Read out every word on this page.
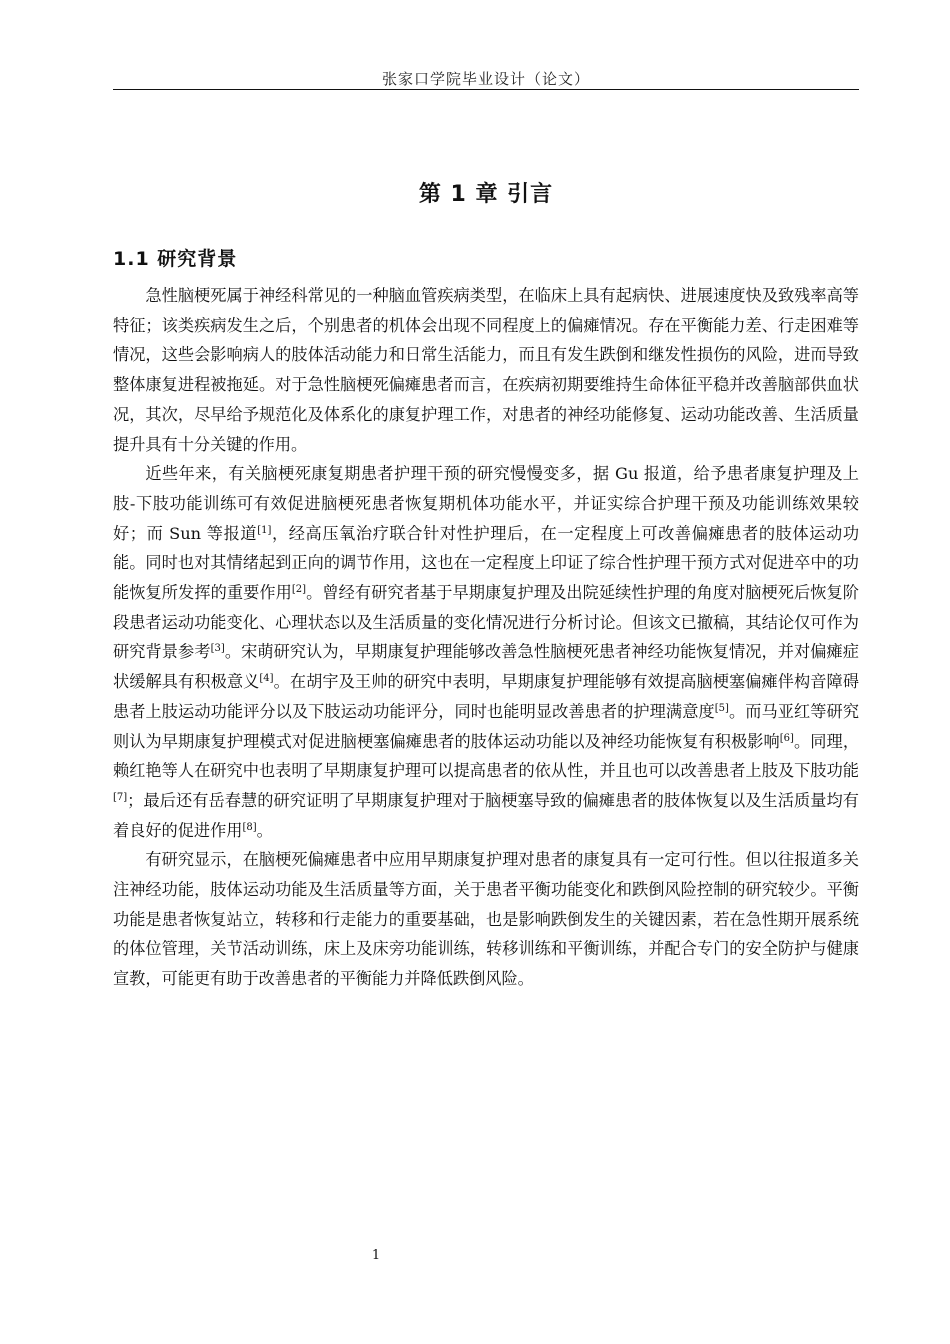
张家口学院毕业设计（论文）
第 1 章 引言
1.1 研究背景

急性脑梗死属于神经科常见的一种脑血管疾病类型，在临床上具有起病快、进展速度快及致残率高等特征；该类疾病发生之后，个别患者的机体会出现不同程度上的偏瘫情况。存在平衡能力差、行走困难等情况，这些会影响病人的肢体活动能力和日常生活能力，而且有发生跌倒和继发性损伤的风险，进而导致整体康复进程被拖延。对于急性脑梗死偏瘫患者而言，在疾病初期要维持生命体征平稳并改善脑部供血状况，其次，尽早给予规范化及体系化的康复护理工作，对患者的神经功能修复、运动功能改善、生活质量提升具有十分关键的作用。

近些年来，有关脑梗死康复期患者护理干预的研究慢慢变多，据 Gu 报道，给予患者康复护理及上肢-下肢功能训练可有效促进脑梗死患者恢复期机体功能水平，并证实综合护理干预及功能训练效果较好；而 Sun 等报道[1]，经高压氧治疗联合针对性护理后，在一定程度上可改善偏瘫患者的肢体运动功能。同时也对其情绪起到正向的调节作用，这也在一定程度上印证了综合性护理干预方式对促进卒中的功能恢复所发挥的重要作用[2]。曾经有研究者基于早期康复护理及出院延续性护理的角度对脑梗死后恢复阶段患者运动功能变化、心理状态以及生活质量的变化情况进行分析讨论。但该文已撤稿，其结论仅可作为研究背景参考[3]。宋萌研究认为，早期康复护理能够改善急性脑梗死患者神经功能恢复情况，并对偏瘫症状缓解具有积极意义[4]。在胡宇及王帅的研究中表明，早期康复护理能够有效提高脑梗塞偏瘫伴构音障碍患者上肢运动功能评分以及下肢运动功能评分，同时也能明显改善患者的护理满意度[5]。而马亚红等研究则认为早期康复护理模式对促进脑梗塞偏瘫患者的肢体运动功能以及神经功能恢复有积极影响[6]。同理，赖红艳等人在研究中也表明了早期康复护理可以提高患者的依从性，并且也可以改善患者上肢及下肢功能[7]；最后还有岳春慧的研究证明了早期康复护理对于脑梗塞导致的偏瘫患者的肢体恢复以及生活质量均有着良好的促进作用[8]。

有研究显示，在脑梗死偏瘫患者中应用早期康复护理对患者的康复具有一定可行性。但以往报道多关注神经功能，肢体运动功能及生活质量等方面，关于患者平衡功能变化和跌倒风险控制的研究较少。平衡功能是患者恢复站立，转移和行走能力的重要基础，也是影响跌倒发生的关键因素，若在急性期开展系统的体位管理，关节活动训练，床上及床旁功能训练，转移训练和平衡训练，并配合专门的安全防护与健康宣教，可能更有助于改善患者的平衡能力并降低跌倒风险。

1
